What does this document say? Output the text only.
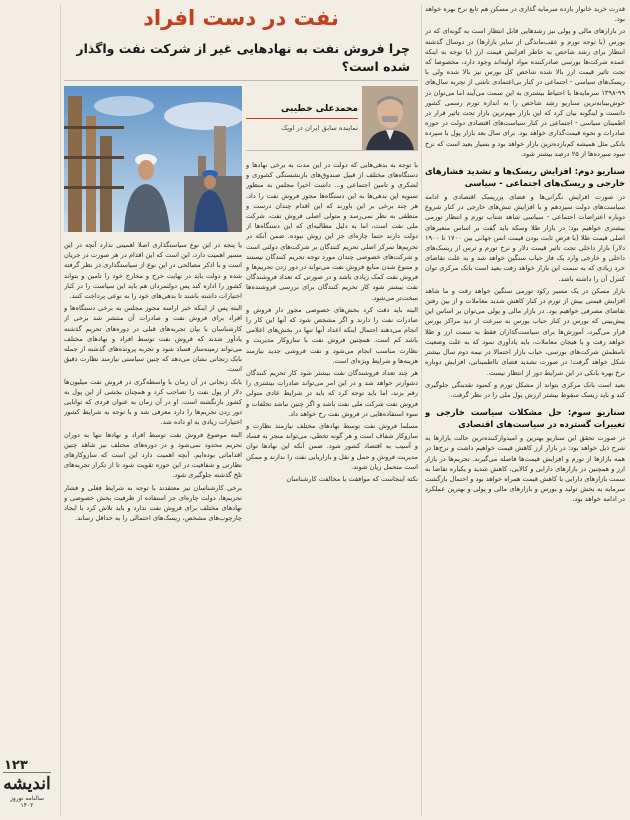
۱۲۳
اندیشه
سالنامه نوروز ۱۴۰۲

قدرت خرید خانوار بازده سرمایه گذاری در مسکن هم تابع نرخ بهره خواهد بود.

در بازارهای مالی و پولی نیز رشدهایی قابل انتظار است به گونه‌ای که در بورس (با توجه تورم و عقب‌ماندگی از سایر بازارها) در دوسال گذشته انتظار برای رشد شاخص به خاطر افزایش قیمت ارز (با توجه به اینکه عمده شرکت‌ها بورسی صادرکننده مواد اولیه‌اند وجود دارد، مخصوصا که تحت تاثیر قیمت ارز بالا شده شاخص کل بورس نیز بالا شده ولی با ریسک‌های سیاسی - اجتماعی در کنار بی‌اعتمادی ناشی از تجربه سال‌های ۹۹-۱۳۹۸ سرمایه‌ها با احتیاط بیشتری به این سمت می‌آیند اما می‌توان در خوش‌بینانه‌ترین سناریو رشد شاخص را به اندازه تورم رسمی کشور دانست و اینگونه بیان کرد که این بازار مهم‌ترین بازار تحت تاثیر قرار در اطمینان سیاسی - اجتماعی در کنار سیاست‌های اقتصادی دولت در حوزه صادرات و نحوه قیمت‌گذاری خواهد بود. برای سال بعد بازار پول با سپرده بانکی مثل همیشه کم‌بازده‌ترین بازار خواهد بود و بسیار بعید است که نرخ سود سپرده‌ها از ۲۵ درصد بیشتر شود.

سناریو دوم: افزایش ریسک‌ها و تشدید فشارهای خارجی و ریسک‌های اجتماعی - سیاسی

در صورت افزایش نگرانی‌ها و فضای پرریسک اقتصادی و ادامه سیاست‌های دولت سیزدهم و یا افزایش تنش‌های خارجی در کنار شروع دوباره اعتراضات اجتماعی - سیاسی شاهد شتاب تورم و انتظار تورمی بیشتری خواهیم بود؛ در بازار طلا وسکه باید گفت بر اساس متغیرهای اصلی قیمت طلا (با فرض ثابت بودن قیمت انس جهانی بین ۱۷۰۰ تا ۱۹۰۰ دلار) بازار داخلی تحت تاثیر قیمت دلار و نرخ تورم و ترس از ریسک‌های داخلی و خارجی وارد یک فاز حباب سنگین خواهد شد و به علت تقاضای خرد زیادی که به سمت این بازار خواهد رفت بعید است بانک مرکزی توان کنترل آن را داشته باشد.

بازار مسکن در یک مسیر رکود تورمی سنگین خواهد رفت و ما شاهد افزایش قیمتی بیش از تورم در کنار کاهش شدید معاملات و از بین رفتن تقاضای مصرفی خواهیم بود. در بازار مالی و پولی می‌توان بر اساس این پیش‌بینی که بورس در کنار حباب بورس به سرعت از دید مراکز بورس قرار می‌گیرد، آموزش‌ها برای سیاست‌گذاران فقط به سمت ارز و طلا خواهد رفت و با هیجان معاملات، باید یادآوری نمود که به علت وضعیت نامطمئن شرکت‌های بورسی، حباب بازار احتمالا در نیمه دوم سال بیشتر شکل خواهد گرفت؛ در صورت تشدید فضای نااطمینانی، افزایش دوباره نرخ بهره بانکی در این شرایط دور از انتظار نیست.

بعید است بانک مرکزی بتواند از مشکل تورم و کمبود نقدینگی جلوگیری کند و باید ریسک سقوط بیشتر ارزش پول ملی را در نظر گرفت.

سناریو سوم: حل مشکلات سیاست خارجی و تغییرات گسترده در سیاست‌های اقتصادی

در صورت تحقق این سناریو بهترین و امیدوارکننده‌ترین حالت بازارها به شرح ذیل خواهد بود: در بازار ارز کاهش قیمت خواهیم داشت و نرخ‌ها در همه بازارها از تورم و افزایش قیمت‌ها فاصله می‌گیرند. تحریم‌ها در بازار ارز و همچنین در بازارهای دارایی و کالایی، کاهش شدید و یکباره تقاضا به سمت بازارهای دارایی با کاهش قیمت همراه خواهد بود و احتمال بازگشت سرمایه به بخش تولید و بورس و بازارهای مالی و پولی و بهترین عملکرد در ادامه خواهد بود.

نفت در دست افراد
چرا فروش نفت به نهادهایی غیر از شرکت نفت واگذار شده است؟
محمدعلی خطیبی
نماینده سابق ایران در اوپک

با توجه به بدهی‌هایی که دولت در این مدت به برخی نهادها و دستگاه‌های مختلف از قبیل صندوق‌های بازنشستگی کشوری و لشکری و تامین اجتماعی و... داشت اخیرا مجلس به منظور تسویه این بدهی‌ها به این دستگاه‌ها مجوز فروش نفت را داد. هر چند برخی بر این باورند که این اقدام چندان درست و منطقی به نظر نمی‌رسد و متولی اصلی فروش نفت، شرکت ملی نفت است، اما به دلیل مطالبه‌ای که این دستگاه‌ها از دولت دارند حتما چاره‌ای جز این روش نبوده. ضمن آنکه در تحریم‌ها تمرکز اصلی تحریم کنندگان بر شرکت‌های دولتی است و شرکت‌های خصوصی چندان مورد توجه تحریم کنندگان نیستند و متنوع شدن منابع فروش نفت می‌تواند در دور زدن تحریم‌ها و فروش نفت کمک زیادی باشد و در صورتی که تعداد فروشندگان نفت بیشتر شود کار تحریم کنندگان برای بررسی فروشنده‌ها سخت‌تر می‌شود.

البته باید دقت کرد بخش‌های خصوصی مجوز دار فروش و صادرات نفت را دارند و اگر مشخص شود که آنها این کار را انجام می‌دهند احتمال اینکه اعداد آنها تنها در بخش‌های اعلامی باشد کم است. همچنین فروش نفت با سازوکار مدیریت و نظارت مناسب انجام می‌شود و نفت فروشی جدید نیازمند هزینه‌ها و شرایط ویژه‌ای است.

هر چند تعداد فروشندگان نفت بیشتر شود کار تحریم کنندگان دشوارتر خواهد شد و در این امر می‌تواند صادرات بیشتری را رقم بزند، اما باید توجه کرد که باید در شرایط عادی متولی فروش نفت شرکت ملی نفت باشد و اگر چنین نباشد تخلفات و سوء استفاده‌هایی در فروش نفت رخ خواهد داد.

مسلما فروش نفت توسط نهادهای مختلف نیازمند نظارت و سازوکار شفاف است و هر گونه تخطی، می‌تواند منجر به فساد و آسیب به اقتصاد کشور شود. ضمن آنکه این نهادها توان مدیریت فروش و حمل و نقل و بازاریابی نفت را ندارند و ممکن است متحمل زیان شوند.

نکته اینجاست که موافقت یا مخالفت کارشناسان

یا پنجه در این نوع سیاستگذاری اصلا اهمیتی ندارد آنچه در این مسیر اهمیت دارد، این است که این اقدام در هر صورت در جریان است و با اذکر مصالحی در این نوع از سیاستگذاری در نظر گرفته شده و دولت باید در نهایت خرج و مخارج خود را تامین و بتواند کشور را اداره کند پس دولتمردان هم باید این سیاست را در کنار اختیارات داشته باشند تا بدهی‌های خود را به نوعی پرداخت کنند.

البته پس از اینکه خبر اراسه مجوز مجلس به برخی دستگاه‌ها و افراد برای فروش نفت و صادرات آن منتشر شد برخی از کارشناسان با بیان تجربه‌های قبلی در دوره‌های تحریم گذشته یادآور شدند که فروش نفت توسط افراد و نهادهای مختلف می‌تواند زمینه‌ساز فساد شود و تجربه پرونده‌های گذشته از جمله بابک زنجانی نشان می‌دهد که چنین سیاستی نیازمند نظارت دقیق است.

بابک زنجانی در آن زمان با واسطه‌گری در فروش نفت میلیون‌ها دلار از پول نفت را تصاحب کرد و همچنان بخشی از این پول به کشور بازنگشته است. او در آن زمان به عنوان فردی که توانایی دور زدن تحریم‌ها را دارد معرفی شد و با توجه به شرایط کشور اختیارات زیادی به او داده شد.

البته موضوع فروش نفت توسط افراد و نهادها تنها به دوران تحریم محدود نمی‌شود و در دوره‌های مختلف نیز شاهد چنین اقداماتی بوده‌ایم. آنچه اهمیت دارد این است که سازوکارهای نظارتی و شفافیت در این حوزه تقویت شود تا از تکرار تجربه‌های تلخ گذشته جلوگیری شود.

برخی کارشناسان نیز معتقدند با توجه به شرایط فعلی و فشار تحریم‌ها، دولت چاره‌ای جز استفاده از ظرفیت بخش خصوصی و نهادهای مختلف برای فروش نفت ندارد و باید تلاش کرد با ایجاد چارچوب‌های مشخص، ریسک‌های احتمالی را به حداقل رساند.
